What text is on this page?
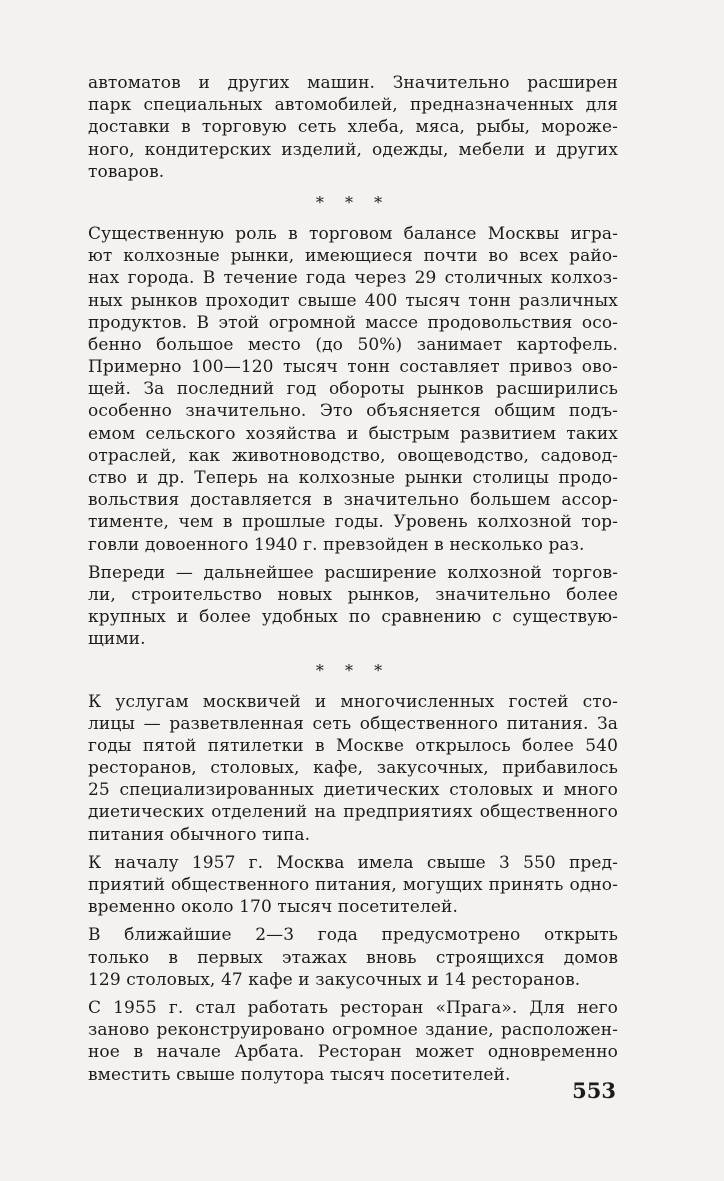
автоматов и других машин. Значительно расширен
парк специальных автомобилей, предназначенных для
доставки в торговую сеть хлеба, мяса, рыбы, мороже-
ного, кондитерских изделий, одежды, мебели и других
товаров.
* * *
Существенную роль в торговом балансе Москвы игра-
ют колхозные рынки, имеющиеся почти во всех райо-
нах города. В течение года через 29 столичных колхоз-
ных рынков проходит свыше 400 тысяч тонн различных
продуктов. В этой огромной массе продовольствия осо-
бенно большое место (до 50%) занимает картофель.
Примерно 100—120 тысяч тонн составляет привоз ово-
щей. За последний год обороты рынков расширились
особенно значительно. Это объясняется общим подъ-
емом сельского хозяйства и быстрым развитием таких
отраслей, как животноводство, овощеводство, садовод-
ство и др. Теперь на колхозные рынки столицы продо-
вольствия доставляется в значительно большем ассор-
тименте, чем в прошлые годы. Уровень колхозной тор-
говли довоенного 1940 г. превзойден в несколько раз.
Впереди — дальнейшее расширение колхозной торгов-
ли, строительство новых рынков, значительно более
крупных и более удобных по сравнению с существую-
щими.
* * *
К услугам москвичей и многочисленных гостей сто-
лицы — разветвленная сеть общественного питания. За
годы пятой пятилетки в Москве открылось более 540
ресторанов, столовых, кафе, закусочных, прибавилось
25 специализированных диетических столовых и много
диетических отделений на предприятиях общественного
питания обычного типа.
К началу 1957 г. Москва имела свыше 3 550 пред-
приятий общественного питания, могущих принять одно-
временно около 170 тысяч посетителей.
В ближайшие 2—3 года предусмотрено открыть
только в первых этажах вновь строящихся домов
129 столовых, 47 кафе и закусочных и 14 ресторанов.
С 1955 г. стал работать ресторан «Прага». Для него
заново реконструировано огромное здание, расположен-
ное в начале Арбата. Ресторан может одновременно
вместить свыше полутора тысяч посетителей.
553
